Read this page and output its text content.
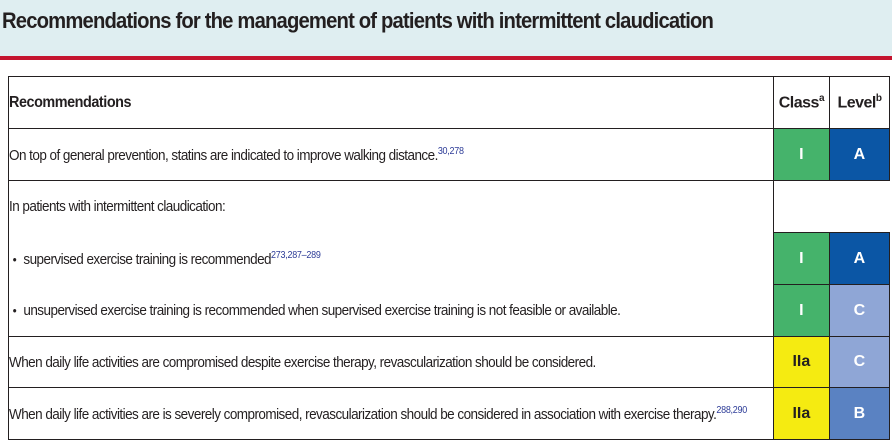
Recommendations for the management of patients with intermittent claudication
Recommendations	Class$^a$	Level$^b$
On top of general prevention, statins are indicated to improve walking distance.$^{30,278}$	I	A
In patients with intermittent claudication:		
• supervised exercise training is recommended$^{273,287-289}$	I	A
• unsupervised exercise training is recommended when supervised exercise training is not feasible or available.	I	C
When daily life activities are compromised despite exercise therapy, revascularization should be considered.	IIa	C
When daily life activities are is severely compromised, revascularization should be considered in association with exercise therapy.$^{288,290}$	IIa	B
